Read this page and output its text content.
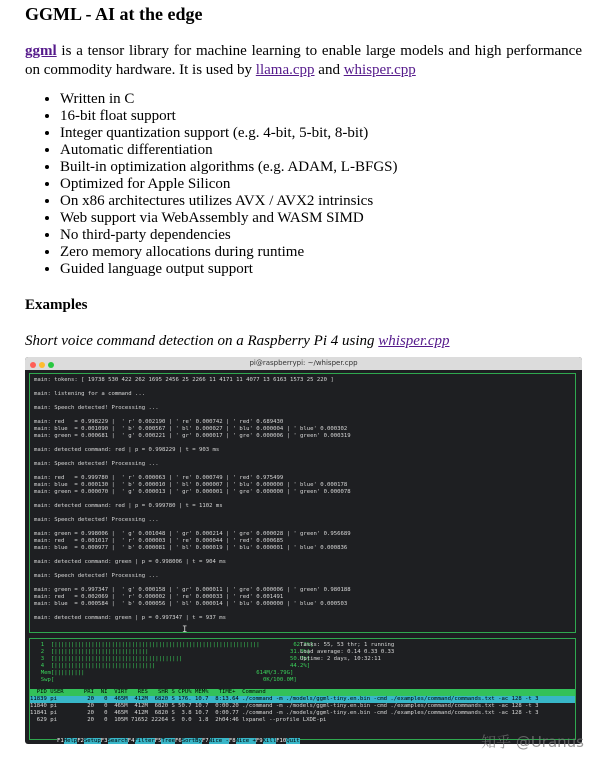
GGML - AI at the edge

ggml is a tensor library for machine learning to enable large models and high performance on commodity hardware. It is used by llama.cpp and whisper.cpp

• Written in C
• 16-bit float support
• Integer quantization support (e.g. 4-bit, 5-bit, 8-bit)
• Automatic differentiation
• Built-in optimization algorithms (e.g. ADAM, L-BFGS)
• Optimized for Apple Silicon
• On x86 architectures utilizes AVX / AVX2 intrinsics
• Web support via WebAssembly and WASM SIMD
• No third-party dependencies
• Zero memory allocations during runtime
• Guided language output support
Examples

Short voice command detection on a Raspberry Pi 4 using whisper.cpp

pi@raspberrypi: ~/whisper.cpp
main: tokens: [ 19738 530 422 262 1695 2456 25 2266 11 4171 11 4077 13 6163 1573 25 220 ]

main: listening for a command ...

main: Speech detected! Processing ...

main: red   = 0.998229 |  ' r' 0.002190 | ' re' 0.000742 | ' red' 0.689430
main: blue  = 0.001090 |  ' b' 0.000567 | ' bl' 0.000027 | ' blu' 0.000004 | ' blue' 0.000302
main: green = 0.000681 |  ' g' 0.000221 | ' gr' 0.000017 | ' gre' 0.000006 | ' green' 0.000319

main: detected command: red | p = 0.998229 | t = 903 ms

main: Speech detected! Processing ...

main: red   = 0.999780 |  ' r' 0.000063 | ' re' 0.000749 | ' red' 0.975499
main: blue  = 0.000130 |  ' b' 0.000010 | ' bl' 0.000007 | ' blu' 0.000000 | ' blue' 0.000178
main: green = 0.000070 |  ' g' 0.000013 | ' gr' 0.000001 | ' gre' 0.000000 | ' green' 0.000078

main: detected command: red | p = 0.999780 | t = 1102 ms

main: Speech detected! Processing ...

main: green = 0.998006 |  ' g' 0.001048 | ' gr' 0.000214 | ' gre' 0.000028 | ' green' 0.956689
main: red   = 0.001017 |  ' r' 0.000003 | ' re' 0.000044 | ' red' 0.000685
main: blue  = 0.000977 |  ' b' 0.000081 | ' bl' 0.000019 | ' blu' 0.000001 | ' blue' 0.000836

main: detected command: green | p = 0.998006 | t = 904 ms

main: Speech detected! Processing ...

main: green = 0.997347 |  ' g' 0.000158 | ' gr' 0.000011 | ' gre' 0.000006 | ' green' 0.980188
main: red   = 0.002069 |  ' r' 0.000002 | ' re' 0.000033 | ' red' 0.001491
main: blue  = 0.000584 |  ' b' 0.000056 | ' bl' 0.000014 | ' blu' 0.000000 | ' blue' 0.000503

main: detected command: green | p = 0.997347 | t = 937 ms
1  [|||||||||||||||||||||||||||||||||||||||||||||||||||||||||||||          62.2%]
2  [||||||||||||||||||||||||||||                                          31.8%]
3  [||||||||||||||||||||||||||||||||||||||                                50.0%]
4  [||||||||||||||||||||||||||||||                                        44.2%]
Mem[|||||||||                                                   614M/3.79G]
Swp[                                                              0K/100.0M]
Tasks: 55, 53 thr; 1 running
Load average: 0.14 0.33 0.33
Uptime: 2 days, 10:32:11
PID USER      PRI  NI  VIRT   RES   SHR S CPU% MEM%   TIME+  Command
11839 pi         20   0  465M  412M  6820 S 176. 10.7  8:13.64 ./command -m ./models/ggml-tiny.en.bin -cmd ./examples/command/commands.txt -ac 128 -t 3
11840 pi         20   0  465M  412M  6820 S 50.7 10.7  0:00.20 ./command -m ./models/ggml-tiny.en.bin -cmd ./examples/command/commands.txt -ac 128 -t 3
11841 pi         20   0  465M  412M  6820 S  3.8 10.7  0:00.77 ./command -m ./models/ggml-tiny.en.bin -cmd ./examples/command/commands.txt -ac 128 -t 3
629 pi         20   0  105M 71652 22264 S  0.0  1.8  2h04:46 lxpanel --profile LXDE-pi

F1HelpF2SetupF3SearchF4FilterF5TreeF6SortByF7Nice -F8Nice +F9KillF10Quit

I
知乎 @Uranus
